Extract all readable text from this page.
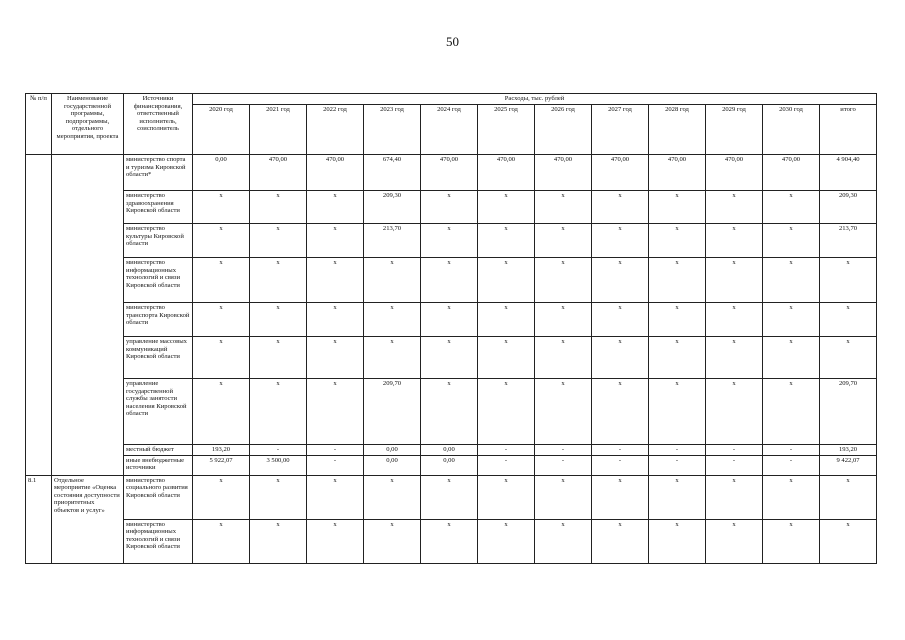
50
№ п/п	Наименование государственной программы, подпрограммы, отдельного мероприятия, проекта	Источники финансирования, ответственный исполнитель, соисполнитель	Расходы, тыс. рублей											
			2020 год	2021 год	2022 год	2023 год	2024 год	2025 год	2026 год	2027 год	2028 год	2029 год	2030 год	итого
		министерство спорта и туризма Кировской области*	0,00	470,00	470,00	674,40	470,00	470,00	470,00	470,00	470,00	470,00	470,00	4 904,40
		министерство здравоохранения Кировской области	х	х	х	209,30	х	х	х	х	х	х	х	209,30
		министерство культуры Кировской области	х	х	х	213,70	х	х	х	х	х	х	х	213,70
		министерство информационных технологий и связи Кировской области	х	х	х	х	х	х	х	х	х	х	х	х
		министерство транспорта Кировской области	х	х	х	х	х	х	х	х	х	х	х	х
		управление массовых коммуникаций Кировской области	х	х	х	х	х	х	х	х	х	х	х	х
		управление государственной службы занятости населения Кировской области	х	х	х	209,70	х	х	х	х	х	х	х	209,70
		местный бюджет	193,20	-	-	0,00	0,00	-	-	-	-	-	-	193,20
		иные внебюджетные источники	5 922,07	3 500,00	-	0,00	0,00	-	-	-	-	-	-	9 422,07
8.1	Отдельное мероприятие «Оценка состояния доступности приоритетных объектов и услуг»	министерство социального развития Кировской области	х	х	х	х	х	х	х	х	х	х	х	х
		министерство информационных технологий и связи Кировской области	х	х	х	х	х	х	х	х	х	х	х	х
